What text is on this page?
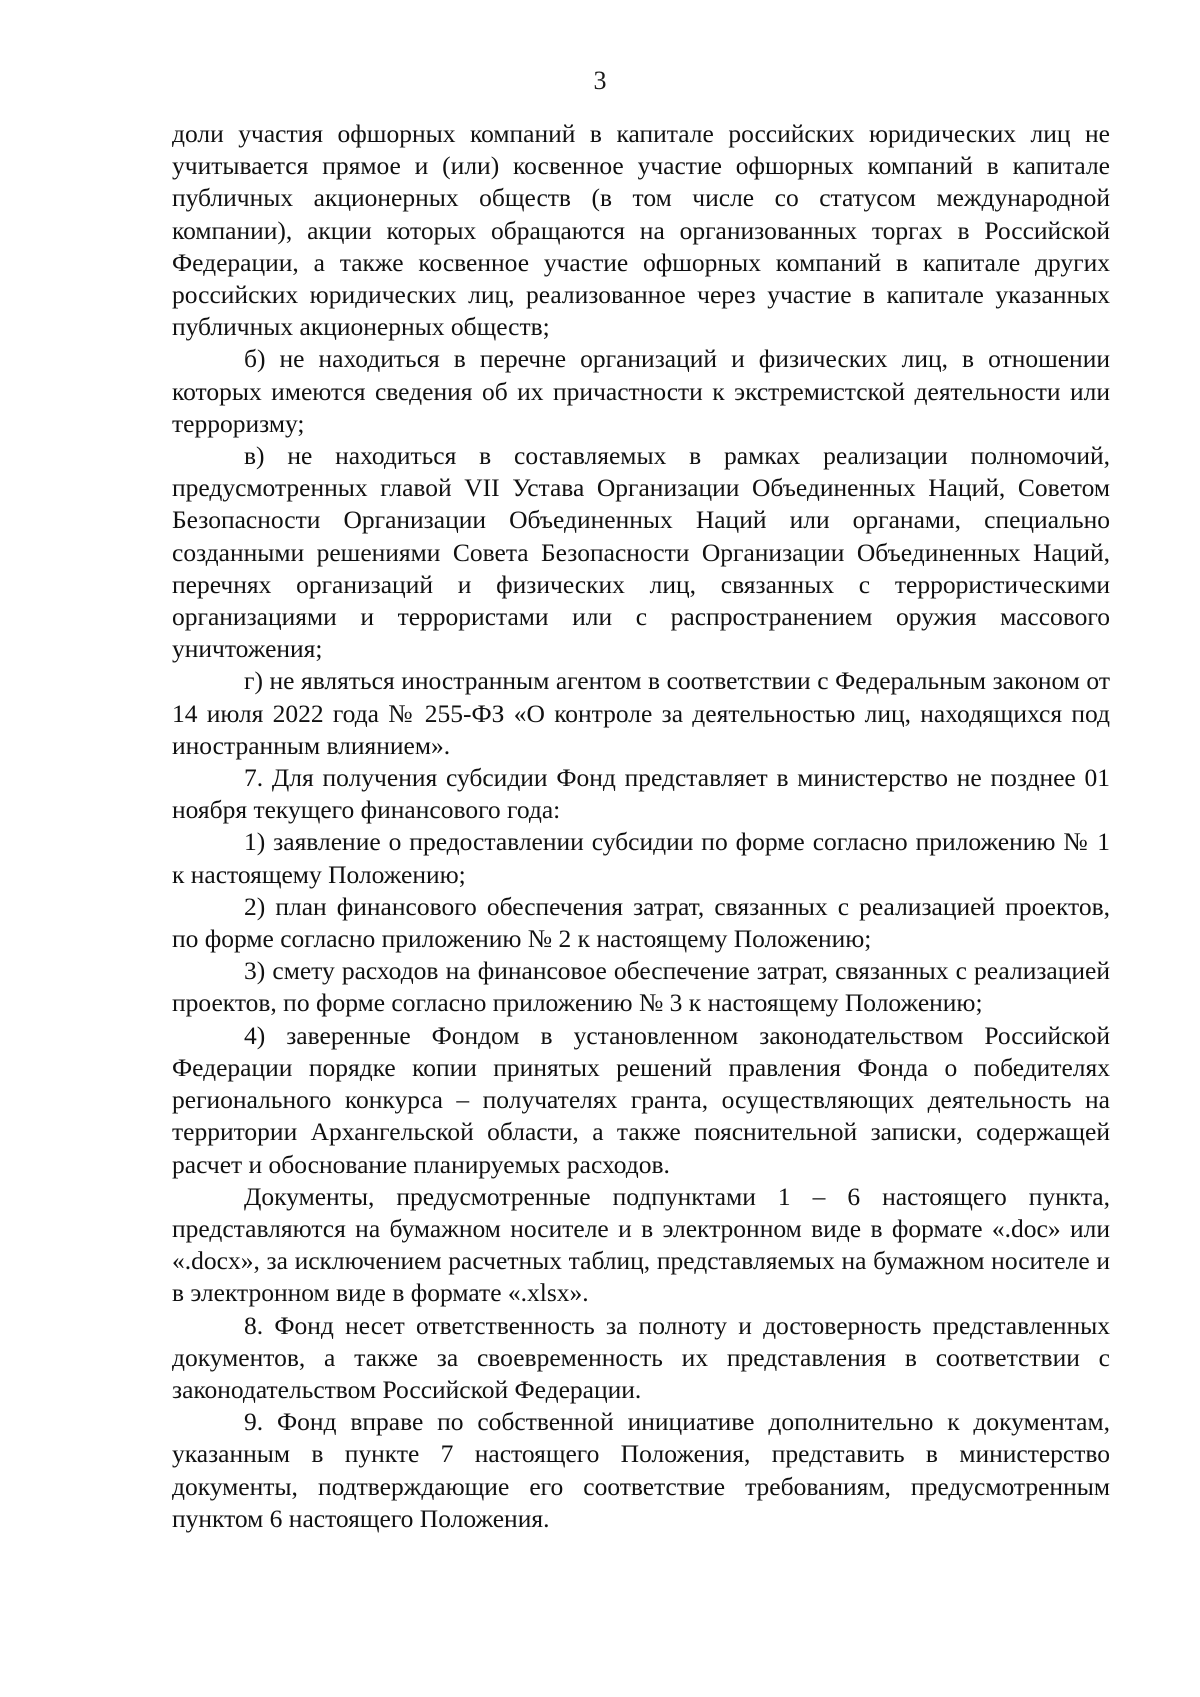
3

доли участия офшорных компаний в капитале российских юридических лиц не учитывается прямое и (или) косвенное участие офшорных компаний в капитале публичных акционерных обществ (в том числе со статусом международной компании), акции которых обращаются на организованных торгах в Российской Федерации, а также косвенное участие офшорных компаний в капитале других российских юридических лиц, реализованное через участие в капитале указанных публичных акционерных обществ;

б) не находиться в перечне организаций и физических лиц, в отношении которых имеются сведения об их причастности к экстремистской деятельности или терроризму;

в) не находиться в составляемых в рамках реализации полномочий, предусмотренных главой VII Устава Организации Объединенных Наций, Советом Безопасности Организации Объединенных Наций или органами, специально созданными решениями Совета Безопасности Организации Объединенных Наций, перечнях организаций и физических лиц, связанных с террористическими организациями и террористами или с распространением оружия массового уничтожения;

г) не являться иностранным агентом в соответствии с Федеральным законом от 14 июля 2022 года № 255-ФЗ «О контроле за деятельностью лиц, находящихся под иностранным влиянием».

7. Для получения субсидии Фонд представляет в министерство не позднее 01 ноября текущего финансового года:

1) заявление о предоставлении субсидии по форме согласно приложению № 1 к настоящему Положению;

2) план финансового обеспечения затрат, связанных с реализацией проектов, по форме согласно приложению № 2 к настоящему Положению;

3) смету расходов на финансовое обеспечение затрат, связанных с реализацией проектов, по форме согласно приложению № 3 к настоящему Положению;

4) заверенные Фондом в установленном законодательством Российской Федерации порядке копии принятых решений правления Фонда о победителях регионального конкурса – получателях гранта, осуществляющих деятельность на территории Архангельской области, а также пояснительной записки, содержащей расчет и обоснование планируемых расходов.

Документы, предусмотренные подпунктами 1 – 6 настоящего пункта, представляются на бумажном носителе и в электронном виде в формате «.doc» или «.docx», за исключением расчетных таблиц, представляемых на бумажном носителе и в электронном виде в формате «.xlsx».

8. Фонд несет ответственность за полноту и достоверность представленных документов, а также за своевременность их представления в соответствии с законодательством Российской Федерации.

9. Фонд вправе по собственной инициативе дополнительно к документам, указанным в пункте 7 настоящего Положения, представить в министерство документы, подтверждающие его соответствие требованиям, предусмотренным пунктом 6 настоящего Положения.
